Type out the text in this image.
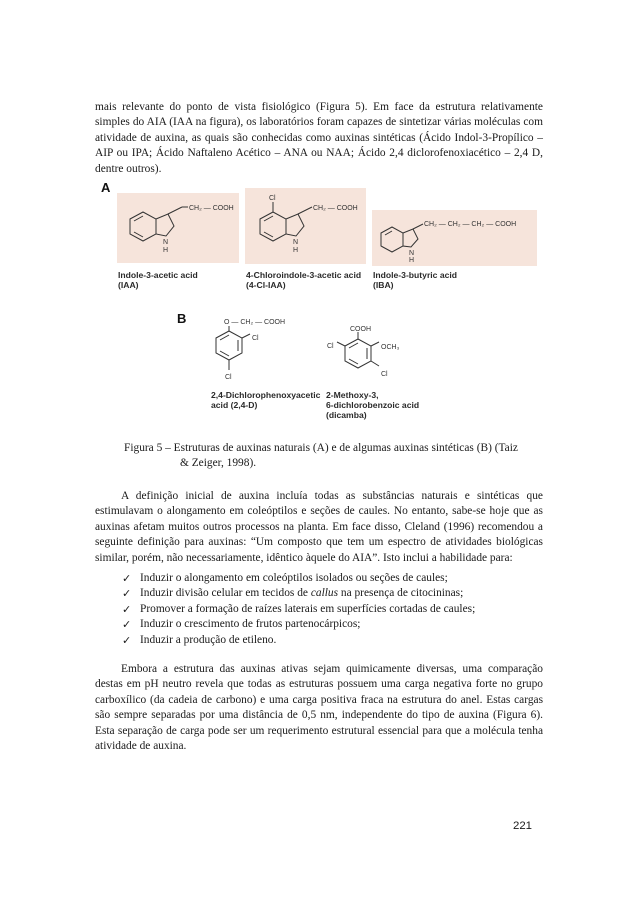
mais relevante do ponto de vista fisiológico (Figura 5). Em face da estrutura relativamente simples do AIA (IAA na figura), os laboratórios foram capazes de sintetizar várias moléculas com atividade de auxina, as quais são conhecidas como auxinas sintéticas (Ácido Indol-3-Propílico – AIP ou IPA; Ácido Naftaleno Acético – ANA ou NAA; Ácido 2,4 diclorofenoxiacético – 2,4 D, dentre outros).

A
CH₂ — COOH
N
H
CH₂ — COOH
Cl
N
H
CH₂ — CH₂ — CH₂ — COOH
N
H
O — CH₂ — COOH
Cl
Cl
COOH
Cl	OCH₃
Cl
Indole-3-acetic acid
(IAA)
4-Chloroindole-3-acetic acid
(4-Cl-IAA)
Indole-3-butyric acid
(IBA)
B
2,4-Dichlorophenoxyacetic
acid (2,4-D)
2-Methoxy-3,
6-dichlorobenzoic acid
(dicamba)

Figura 5 – Estruturas de auxinas naturais (A) e de algumas auxinas sintéticas (B) (Taiz
& Zeiger, 1998).

A definição inicial de auxina incluía todas as substâncias naturais e sintéticas que estimulavam o alongamento em coleóptilos e seções de caules. No entanto, sabe-se hoje que as auxinas afetam muitos outros processos na planta. Em face disso, Cleland (1996) recomendou a seguinte definição para auxinas: “Um composto que tem um espectro de atividades biológicas similar, porém, não necessariamente, idêntico àquele do AIA”. Isto inclui a habilidade para:

✓ Induzir o alongamento em coleóptilos isolados ou seções de caules;
✓ Induzir divisão celular em tecidos de callus na presença de citocininas;
✓ Promover a formação de raízes laterais em superfícies cortadas de caules;
✓ Induzir o crescimento de frutos partenocárpicos;
✓ Induzir a produção de etileno.

Embora a estrutura das auxinas ativas sejam quimicamente diversas, uma comparação destas em pH neutro revela que todas as estruturas possuem uma carga negativa forte no grupo carboxílico (da cadeia de carbono) e uma carga positiva fraca na estrutura do anel. Estas cargas são sempre separadas por uma distância de 0,5 nm, independente do tipo de auxina (Figura 6). Esta separação de carga pode ser um requerimento estrutural essencial para que a molécula tenha atividade de auxina.

221
